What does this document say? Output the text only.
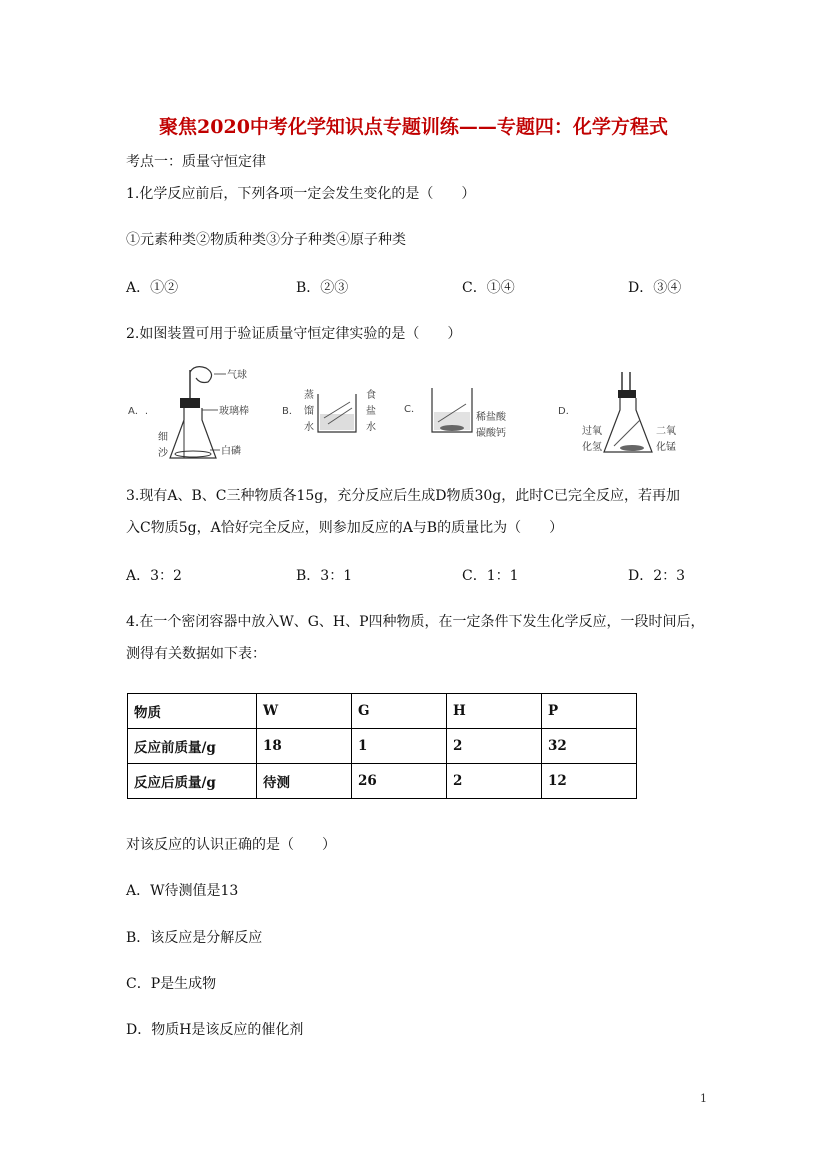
聚焦2020中考化学知识点专题训练——专题四：化学方程式
考点一：质量守恒定律
1.化学反应前后，下列各项一定会发生变化的是（　　）
①元素种类②物质种类③分子种类④原子种类
A．①②	B．②③	C．①④	D．③④
2.如图装置可用于验证质量守恒定律实验的是（　　）
A．.
气球
玻璃棒
细
沙	白磷
B．
蒸
馏
水
食
盐
水
C．
稀盐酸
碳酸钙
D．
过氧
化氢
二氧
化锰
3.现有A、B、C三种物质各15g，充分反应后生成D物质30g，此时C已完全反应，若再加
入C物质5g，A恰好完全反应，则参加反应的A与B的质量比为（　　）
A．3：2	B．3：1	C．1：1	D．2：3
4.在一个密闭容器中放入W、G、H、P四种物质，在一定条件下发生化学反应，一段时间后，
测得有关数据如下表：
物质	W	G	H	P
反应前质量/g	18	1	2	32
反应后质量/g	待测	26	2	12
对该反应的认识正确的是（　　）
A．W待测值是13
B．该反应是分解反应
C．P是生成物
D．物质H是该反应的催化剂
1
